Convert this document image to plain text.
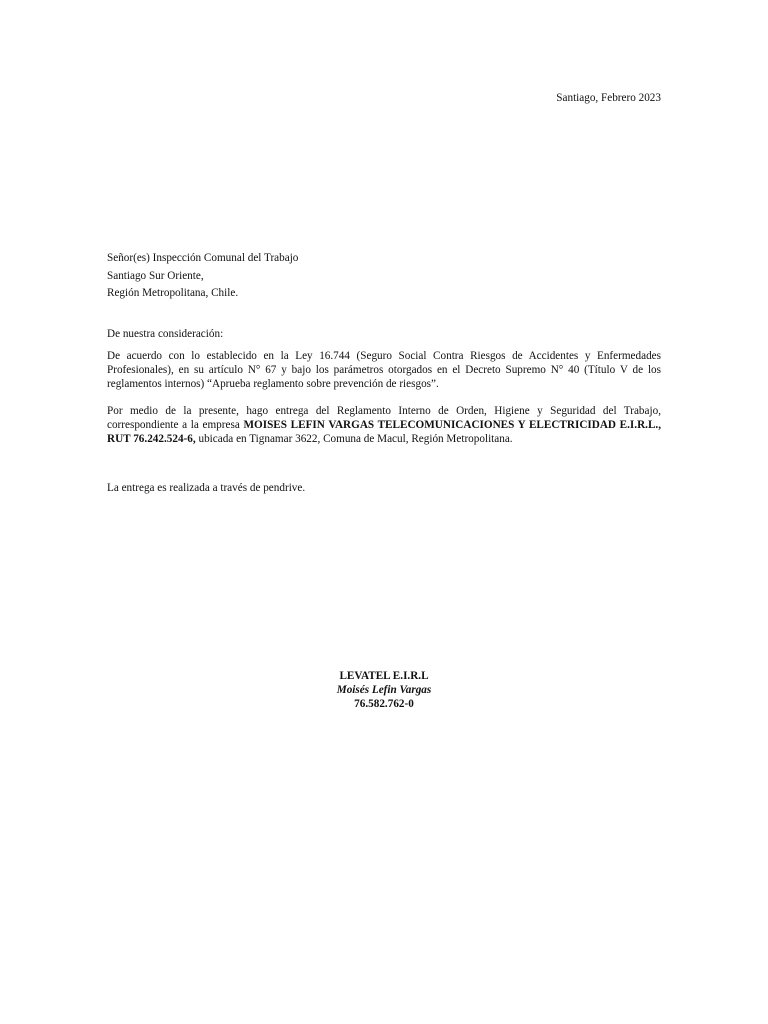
Santiago, Febrero 2023
Señor(es) Inspección Comunal del Trabajo
Santiago Sur Oriente,
Región Metropolitana, Chile.
De nuestra consideración:
De acuerdo con lo establecido en la Ley 16.744 (Seguro Social Contra Riesgos de Accidentes y Enfermedades Profesionales), en su artículo N° 67 y bajo los parámetros otorgados en el Decreto Supremo N° 40 (Título V de los reglamentos internos) “Aprueba reglamento sobre prevención de riesgos”.
Por medio de la presente, hago entrega del Reglamento Interno de Orden, Higiene y Seguridad del Trabajo, correspondiente a la empresa MOISES LEFIN VARGAS TELECOMUNICACIONES Y ELECTRICIDAD E.I.R.L., RUT 76.242.524-6, ubicada en Tignamar 3622, Comuna de Macul, Región Metropolitana.
La entrega es realizada a través de pendrive.
LEVATEL E.I.R.L
Moisés Lefin Vargas
76.582.762-0
